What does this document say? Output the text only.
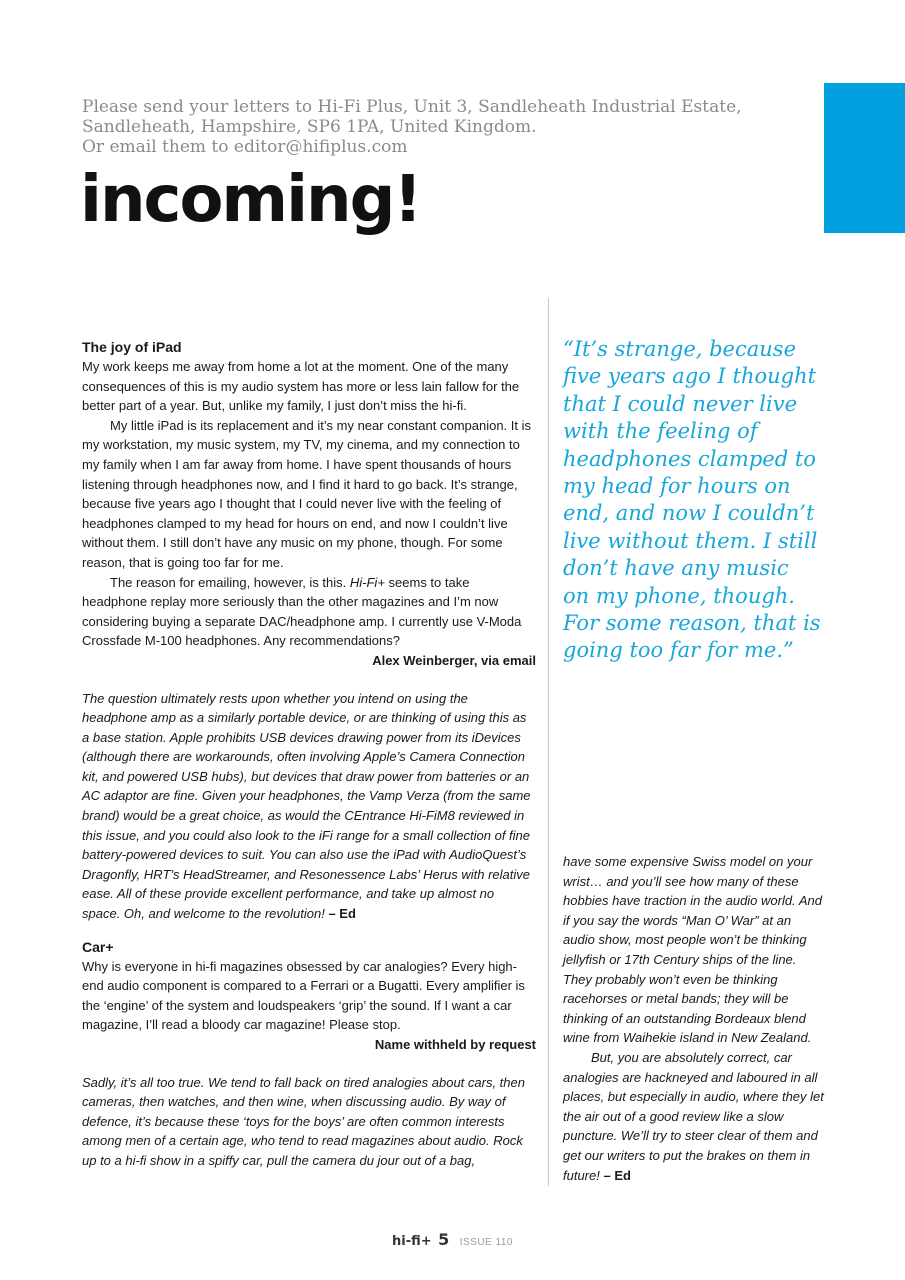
Please send your letters to Hi-Fi Plus, Unit 3, Sandleheath Industrial Estate,
Sandleheath, Hampshire, SP6 1PA, United Kingdom.
Or email them to editor@hifiplus.com
incoming!

The joy of iPad

My work keeps me away from home a lot at the moment. One of the many consequences of this is my audio system has more or less lain fallow for the better part of a year. But, unlike my family, I just don’t miss the hi-fi.

My little iPad is its replacement and it’s my near constant companion. It is my workstation, my music system, my TV, my cinema, and my connection to my family when I am far away from home. I have spent thousands of hours listening through headphones now, and I find it hard to go back. It’s strange, because five years ago I thought that I could never live with the feeling of headphones clamped to my head for hours on end, and now I couldn’t live without them. I still don’t have any music on my phone, though. For some reason, that is going too far for me.

The reason for emailing, however, is this. Hi-Fi+ seems to take headphone replay more seriously than the other magazines and I’m now considering buying a separate DAC/headphone amp. I currently use V-Moda Crossfade M-100 headphones. Any recommendations?

Alex Weinberger, via email

The question ultimately rests upon whether you intend on using the headphone amp as a similarly portable device, or are thinking of using this as a base station. Apple prohibits USB devices drawing power from its iDevices (although there are workarounds, often involving Apple’s Camera Connection kit, and powered USB hubs), but devices that draw power from batteries or an AC adaptor are fine. Given your headphones, the Vamp Verza (from the same brand) would be a great choice, as would the CEntrance Hi-FiM8 reviewed in this issue, and you could also look to the iFi range for a small collection of fine battery-powered devices to suit. You can also use the iPad with AudioQuest’s Dragonfly, HRT’s HeadStreamer, and Resonessence Labs’ Herus with relative ease. All of these provide excellent performance, and take up almost no space. Oh, and welcome to the revolution! – Ed

Car+

Why is everyone in hi-fi magazines obsessed by car analogies? Every high-end audio component is compared to a Ferrari or a Bugatti. Every amplifier is the ‘engine’ of the system and loudspeakers ‘grip’ the sound. If I want a car magazine, I’ll read a bloody car magazine! Please stop.

Name withheld by request

Sadly, it’s all too true. We tend to fall back on tired analogies about cars, then cameras, then watches, and then wine, when discussing audio. By way of defence, it’s because these ‘toys for the boys’ are often common interests among men of a certain age, who tend to read magazines about audio. Rock up to a hi-fi show in a spiffy car, pull the camera du jour out of a bag,

“It’s strange, because
five years ago I thought
that I could never live
with the feeling of
headphones clamped to
my head for hours on
end, and now I couldn’t
live without them. I still
don’t have any music
on my phone, though.
For some reason, that is
going too far for me.”

have some expensive Swiss model on your wrist… and you’ll see how many of these hobbies have traction in the audio world. And if you say the words “Man O’ War” at an audio show, most people won’t be thinking jellyfish or 17th Century ships of the line. They probably won’t even be thinking racehorses or metal bands; they will be thinking of an outstanding Bordeaux blend wine from Waihekie island in New Zealand.

But, you are absolutely correct, car analogies are hackneyed and laboured in all places, but especially in audio, where they let the air out of a good review like a slow puncture. We’ll try to steer clear of them and get our writers to put the brakes on them in future! – Ed

hi-fi+ 5 ISSUE 110
